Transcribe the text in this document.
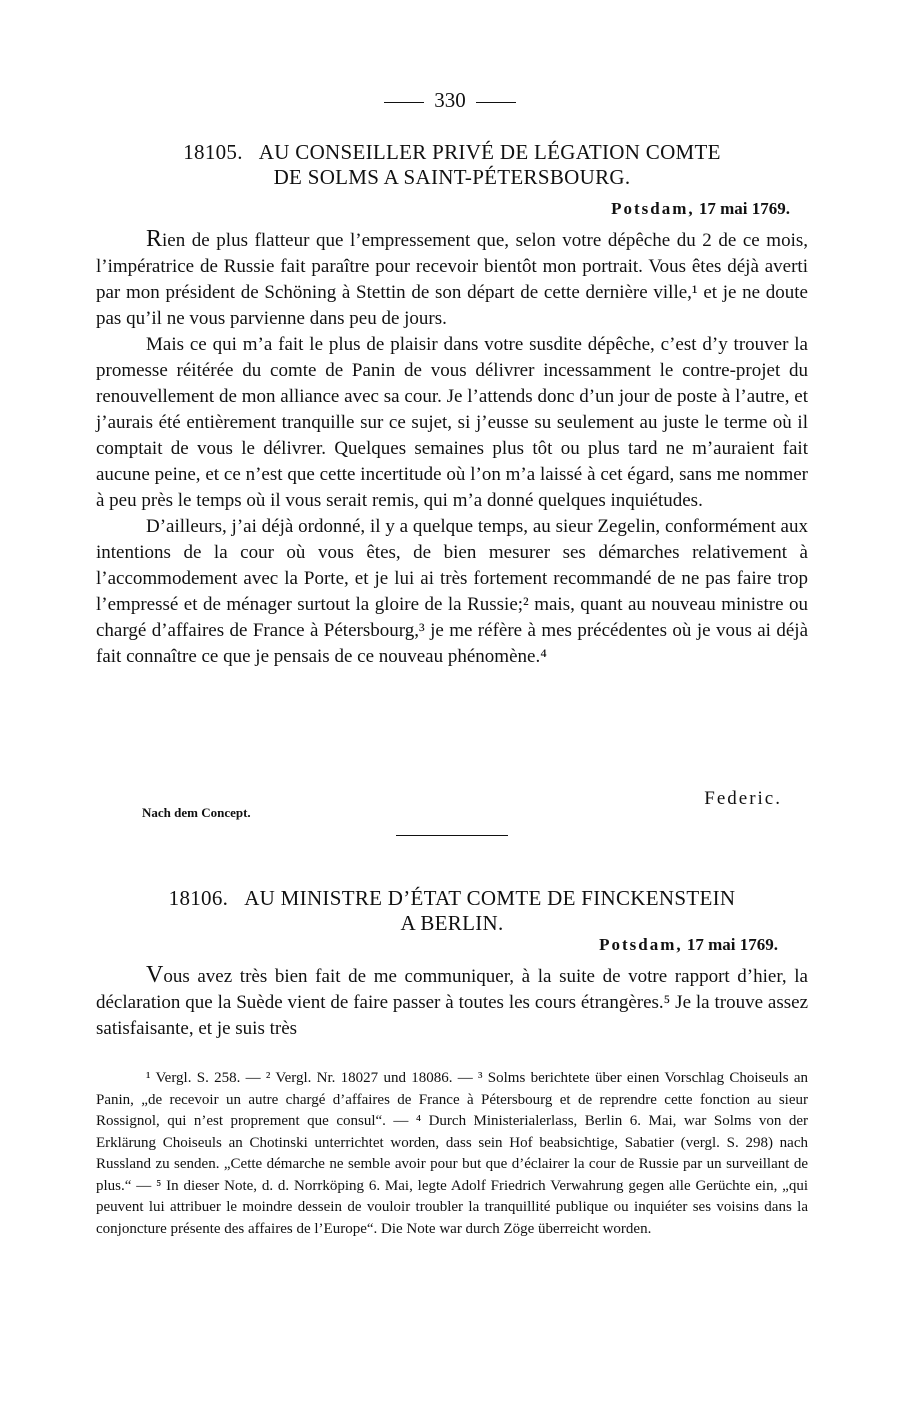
330
18105. AU CONSEILLER PRIVÉ DE LÉGATION COMTE
DE SOLMS A SAINT-PÉTERSBOURG.
Potsdam, 17 mai 1769.

Rien de plus flatteur que l’empressement que, selon votre dépêche du 2 de ce mois, l’impératrice de Russie fait paraître pour recevoir bientôt mon portrait. Vous êtes déjà averti par mon président de Schöning à Stettin de son départ de cette dernière ville,¹ et je ne doute pas qu’il ne vous parvienne dans peu de jours.

Mais ce qui m’a fait le plus de plaisir dans votre susdite dépêche, c’est d’y trouver la promesse réitérée du comte de Panin de vous délivrer incessamment le contre-projet du renouvellement de mon alliance avec sa cour. Je l’attends donc d’un jour de poste à l’autre, et j’aurais été entièrement tranquille sur ce sujet, si j’eusse su seulement au juste le terme où il comptait de vous le délivrer. Quelques semaines plus tôt ou plus tard ne m’auraient fait aucune peine, et ce n’est que cette incertitude où l’on m’a laissé à cet égard, sans me nommer à peu près le temps où il vous serait remis, qui m’a donné quelques inquiétudes.

D’ailleurs, j’ai déjà ordonné, il y a quelque temps, au sieur Zegelin, conformément aux intentions de la cour où vous êtes, de bien mesurer ses démarches relativement à l’accommodement avec la Porte, et je lui ai très fortement recommandé de ne pas faire trop l’empressé et de ménager surtout la gloire de la Russie;² mais, quant au nouveau ministre ou chargé d’affaires de France à Pétersbourg,³ je me réfère à mes précédentes où je vous ai déjà fait connaître ce que je pensais de ce nouveau phénomène.⁴

Federic.
Nach dem Concept.
18106. AU MINISTRE D’ÉTAT COMTE DE FINCKENSTEIN
A BERLIN.
Potsdam, 17 mai 1769.

Vous avez très bien fait de me communiquer, à la suite de votre rapport d’hier, la déclaration que la Suède vient de faire passer à toutes les cours étrangères.⁵ Je la trouve assez satisfaisante, et je suis très

¹ Vergl. S. 258. — ² Vergl. Nr. 18027 und 18086. — ³ Solms berichtete über einen Vorschlag Choiseuls an Panin, „de recevoir un autre chargé d’affaires de France à Pétersbourg et de reprendre cette fonction au sieur Rossignol, qui n’est proprement que consul“. — ⁴ Durch Ministerialerlass, Berlin 6. Mai, war Solms von der Erklärung Choiseuls an Chotinski unterrichtet worden, dass sein Hof beabsichtige, Sabatier (vergl. S. 298) nach Russland zu senden. „Cette démarche ne semble avoir pour but que d’éclairer la cour de Russie par un surveillant de plus.“ — ⁵ In dieser Note, d. d. Norrköping 6. Mai, legte Adolf Friedrich Verwahrung gegen alle Gerüchte ein, „qui peuvent lui attribuer le moindre dessein de vouloir troubler la tranquillité publique ou inquiéter ses voisins dans la conjoncture présente des affaires de l’Europe“. Die Note war durch Zöge überreicht worden.
